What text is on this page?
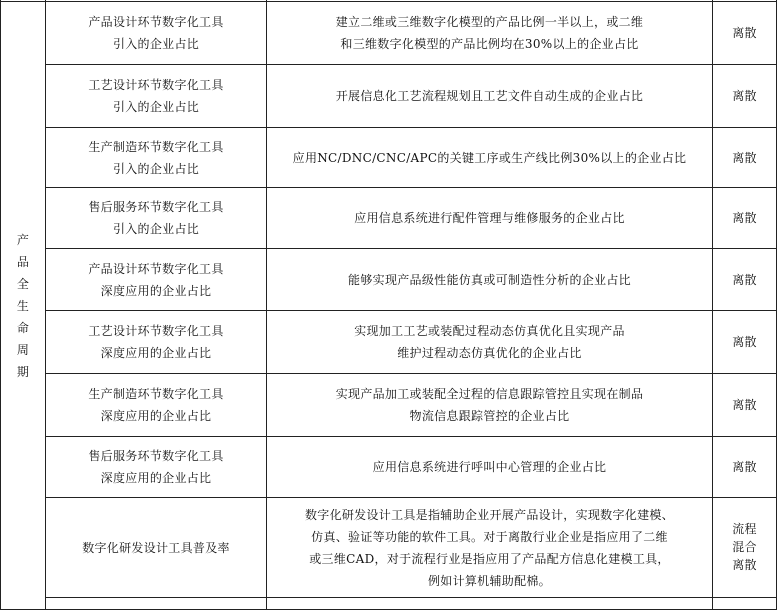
产品全生命周期	产品设计环节数字化工具
引入的企业占比	建立二维或三维数字化模型的产品比例一半以上，或二维
和三维数字化模型的产品比例均在30%以上的企业占比	离散
	工艺设计环节数字化工具
引入的企业占比	开展信息化工艺流程规划且工艺文件自动生成的企业占比	离散
	生产制造环节数字化工具
引入的企业占比	应用NC/DNC/CNC/APC的关键工序或生产线比例30%以上的企业占比	离散
	售后服务环节数字化工具
引入的企业占比	应用信息系统进行配件管理与维修服务的企业占比	离散
	产品设计环节数字化工具
深度应用的企业占比	能够实现产品级性能仿真或可制造性分析的企业占比	离散
	工艺设计环节数字化工具
深度应用的企业占比	实现加工工艺或装配过程动态仿真优化且实现产品
维护过程动态仿真优化的企业占比	离散
	生产制造环节数字化工具
深度应用的企业占比	实现产品加工或装配全过程的信息跟踪管控且实现在制品
物流信息跟踪管控的企业占比	离散
	售后服务环节数字化工具
深度应用的企业占比	应用信息系统进行呼叫中心管理的企业占比	离散
	数字化研发设计工具普及率	数字化研发设计工具是指辅助企业开展产品设计，实现数字化建模、
仿真、验证等功能的软件工具。对于离散行业企业是指应用了二维
或三维CAD，对于流程行业是指应用了产品配方信息化建模工具，
例如计算机辅助配棉。	流程
混合
离散
